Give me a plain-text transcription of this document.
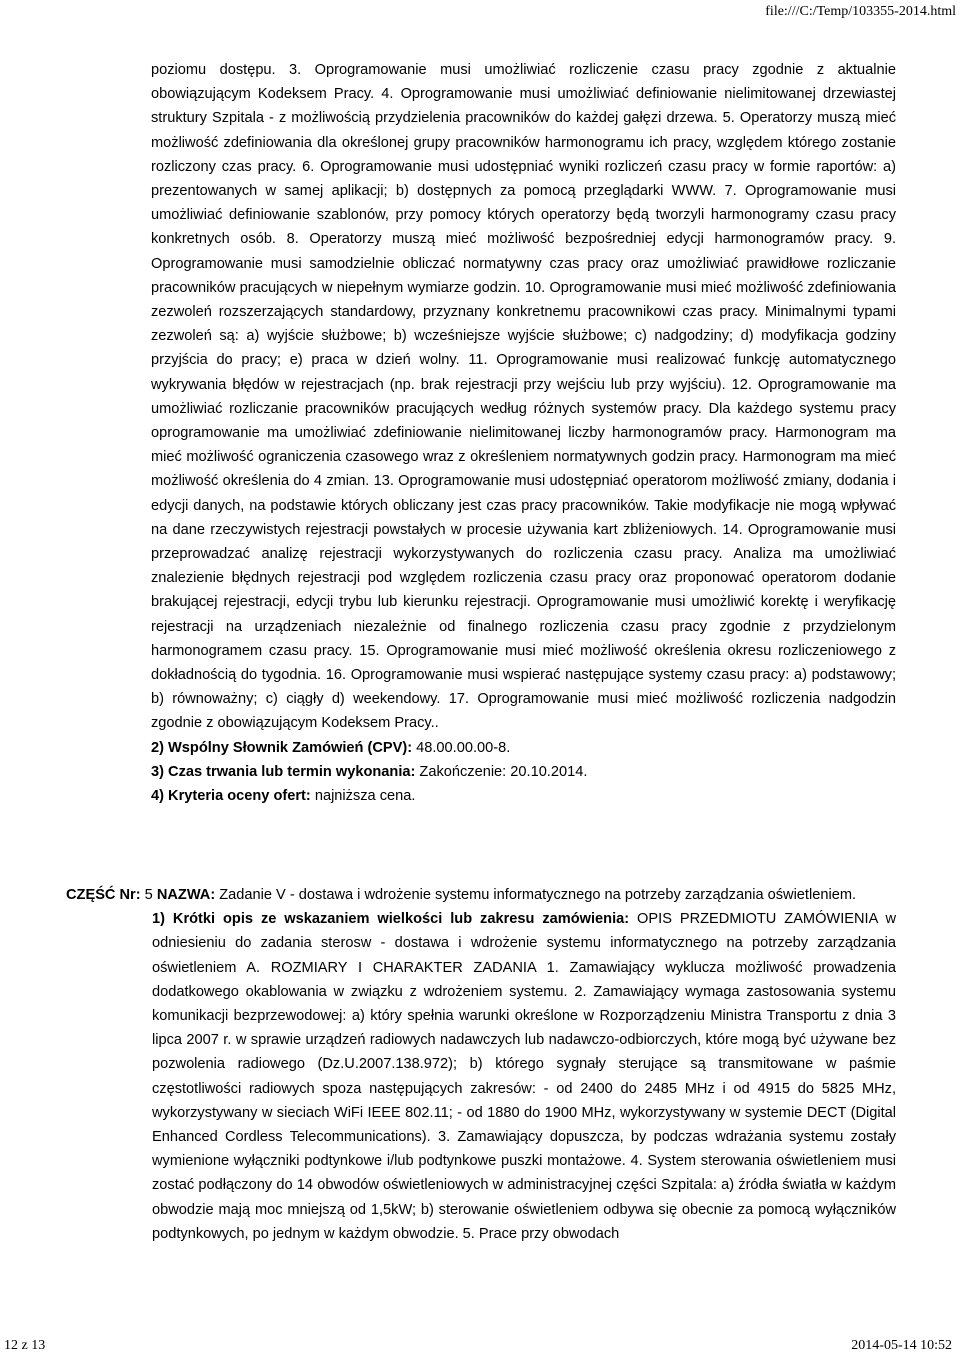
file:///C:/Temp/103355-2014.html

poziomu dostępu. 3. Oprogramowanie musi umożliwiać rozliczenie czasu pracy zgodnie z aktualnie obowiązującym Kodeksem Pracy. 4. Oprogramowanie musi umożliwiać definiowanie nielimitowanej drzewiastej struktury Szpitala - z możliwością przydzielenia pracowników do każdej gałęzi drzewa. 5. Operatorzy muszą mieć możliwość zdefiniowania dla określonej grupy pracowników harmonogramu ich pracy, względem którego zostanie rozliczony czas pracy. 6. Oprogramowanie musi udostępniać wyniki rozliczeń czasu pracy w formie raportów: a) prezentowanych w samej aplikacji; b) dostępnych za pomocą przeglądarki WWW. 7. Oprogramowanie musi umożliwiać definiowanie szablonów, przy pomocy których operatorzy będą tworzyli harmonogramy czasu pracy konkretnych osób. 8. Operatorzy muszą mieć możliwość bezpośredniej edycji harmonogramów pracy. 9. Oprogramowanie musi samodzielnie obliczać normatywny czas pracy oraz umożliwiać prawidłowe rozliczanie pracowników pracujących w niepełnym wymiarze godzin. 10. Oprogramowanie musi mieć możliwość zdefiniowania zezwoleń rozszerzających standardowy, przyznany konkretnemu pracownikowi czas pracy. Minimalnymi typami zezwoleń są: a) wyjście służbowe; b) wcześniejsze wyjście służbowe; c) nadgodziny; d) modyfikacja godziny przyjścia do pracy; e) praca w dzień wolny. 11. Oprogramowanie musi realizować funkcję automatycznego wykrywania błędów w rejestracjach (np. brak rejestracji przy wejściu lub przy wyjściu). 12. Oprogramowanie ma umożliwiać rozliczanie pracowników pracujących według różnych systemów pracy. Dla każdego systemu pracy oprogramowanie ma umożliwiać zdefiniowanie nielimitowanej liczby harmonogramów pracy. Harmonogram ma mieć możliwość ograniczenia czasowego wraz z określeniem normatywnych godzin pracy. Harmonogram ma mieć możliwość określenia do 4 zmian. 13. Oprogramowanie musi udostępniać operatorom możliwość zmiany, dodania i edycji danych, na podstawie których obliczany jest czas pracy pracowników. Takie modyfikacje nie mogą wpływać na dane rzeczywistych rejestracji powstałych w procesie używania kart zbliżeniowych. 14. Oprogramowanie musi przeprowadzać analizę rejestracji wykorzystywanych do rozliczenia czasu pracy. Analiza ma umożliwiać znalezienie błędnych rejestracji pod względem rozliczenia czasu pracy oraz proponować operatorom dodanie brakującej rejestracji, edycji trybu lub kierunku rejestracji. Oprogramowanie musi umożliwić korektę i weryfikację rejestracji na urządzeniach niezależnie od finalnego rozliczenia czasu pracy zgodnie z przydzielonym harmonogramem czasu pracy. 15. Oprogramowanie musi mieć możliwość określenia okresu rozliczeniowego z dokładnością do tygodnia. 16. Oprogramowanie musi wspierać następujące systemy czasu pracy: a) podstawowy; b) równoważny; c) ciągły d) weekendowy. 17. Oprogramowanie musi mieć możliwość rozliczenia nadgodzin zgodnie z obowiązującym Kodeksem Pracy..

2) Wspólny Słownik Zamówień (CPV): 48.00.00.00-8.

3) Czas trwania lub termin wykonania: Zakończenie: 20.10.2014.

4) Kryteria oceny ofert: najniższa cena.

CZĘŚĆ Nr: 5 NAZWA: Zadanie V - dostawa i wdrożenie systemu informatycznego na potrzeby zarządzania oświetleniem.

1) Krótki opis ze wskazaniem wielkości lub zakresu zamówienia: OPIS PRZEDMIOTU ZAMÓWIENIA w odniesieniu do zadania sterosw - dostawa i wdrożenie systemu informatycznego na potrzeby zarządzania oświetleniem A. ROZMIARY I CHARAKTER ZADANIA 1. Zamawiający wyklucza możliwość prowadzenia dodatkowego okablowania w związku z wdrożeniem systemu. 2. Zamawiający wymaga zastosowania systemu komunikacji bezprzewodowej: a) który spełnia warunki określone w Rozporządzeniu Ministra Transportu z dnia 3 lipca 2007 r. w sprawie urządzeń radiowych nadawczych lub nadawczo-odbiorczych, które mogą być używane bez pozwolenia radiowego (Dz.U.2007.138.972); b) którego sygnały sterujące są transmitowane w paśmie częstotliwości radiowych spoza następujących zakresów: - od 2400 do 2485 MHz i od 4915 do 5825 MHz, wykorzystywany w sieciach WiFi IEEE 802.11; - od 1880 do 1900 MHz, wykorzystywany w systemie DECT (Digital Enhanced Cordless Telecommunications). 3. Zamawiający dopuszcza, by podczas wdrażania systemu zostały wymienione wyłączniki podtynkowe i/lub podtynkowe puszki montażowe. 4. System sterowania oświetleniem musi zostać podłączony do 14 obwodów oświetleniowych w administracyjnej części Szpitala: a) źródła światła w każdym obwodzie mają moc mniejszą od 1,5kW; b) sterowanie oświetleniem odbywa się obecnie za pomocą wyłączników podtynkowych, po jednym w każdym obwodzie. 5. Prace przy obwodach

12 z 13	2014-05-14 10:52
